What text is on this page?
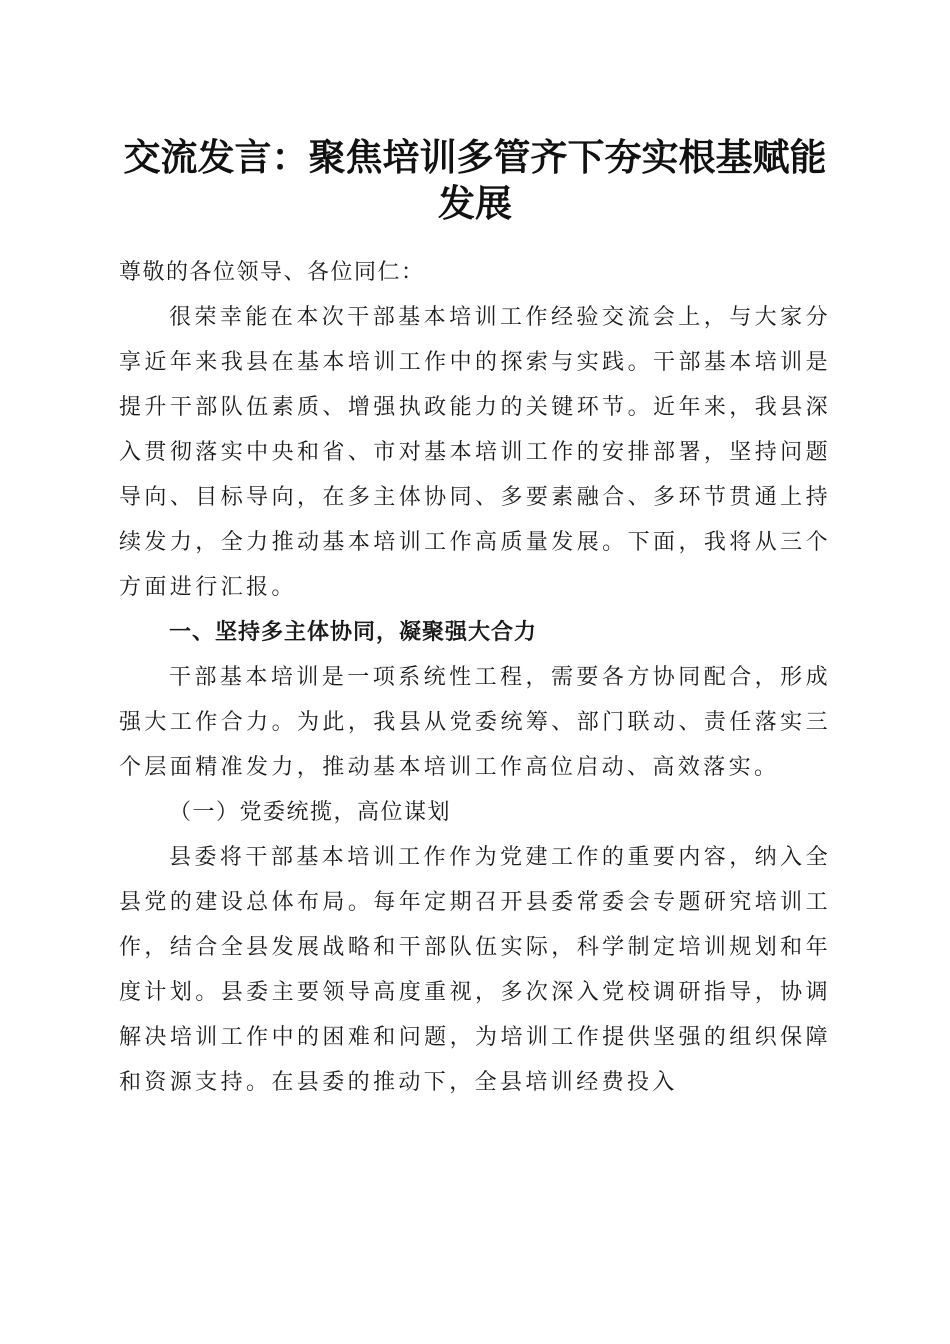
交流发言：聚焦培训多管齐下夯实根基赋能发展

尊敬的各位领导、各位同仁：

很荣幸能在本次干部基本培训工作经验交流会上，与大家分享近年来我县在基本培训工作中的探索与实践。干部基本培训是提升干部队伍素质、增强执政能力的关键环节。近年来，我县深入贯彻落实中央和省、市对基本培训工作的安排部署，坚持问题导向、目标导向，在多主体协同、多要素融合、多环节贯通上持续发力，全力推动基本培训工作高质量发展。下面，我将从三个方面进行汇报。

一、坚持多主体协同，凝聚强大合力

干部基本培训是一项系统性工程，需要各方协同配合，形成强大工作合力。为此，我县从党委统筹、部门联动、责任落实三个层面精准发力，推动基本培训工作高位启动、高效落实。

（一）党委统揽，高位谋划

县委将干部基本培训工作作为党建工作的重要内容，纳入全县党的建设总体布局。每年定期召开县委常委会专题研究培训工作，结合全县发展战略和干部队伍实际，科学制定培训规划和年度计划。县委主要领导高度重视，多次深入党校调研指导，协调解决培训工作中的困难和问题，为培训工作提供坚强的组织保障和资源支持。在县委的推动下，全县培训经费投入
